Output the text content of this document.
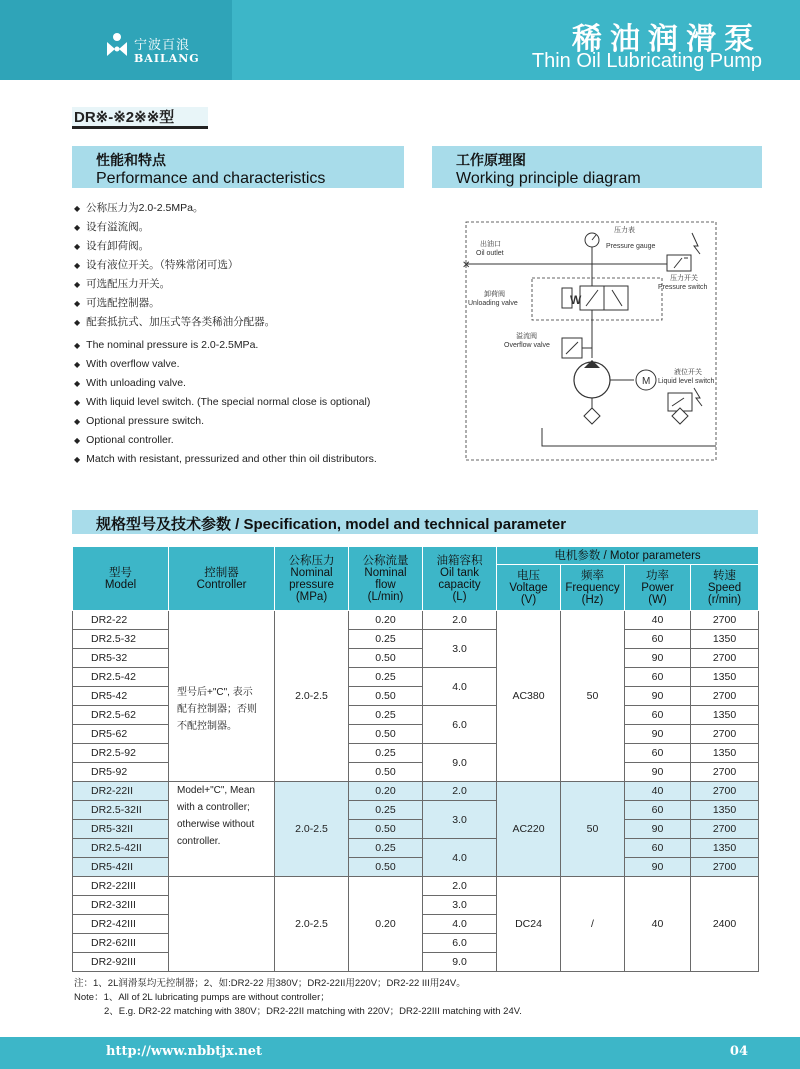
宁波百浪
BAILANG
稀油润滑泵
Thin Oil Lubricating Pump
DR※-※2※※型
性能和特点
Performance and characteristics
工作原理图
Working principle diagram
◆ 公称压力为2.0-2.5MPa。
◆ 设有溢流阀。
◆ 设有卸荷阀。
◆ 设有液位开关。（特殊常闭可选）
◆ 可选配压力开关。
◆ 可选配控制器。
◆ 配套抵抗式、加压式等各类稀油分配器。
◆ The nominal pressure is 2.0-2.5MPa.
◆ With overflow valve.
◆ With unloading valve.
◆ With liquid level switch. (The special normal close is optional)
◆ Optional pressure switch.
◆ Optional controller.
◆ Match with resistant, pressurized and other thin oil distributors.
✕
W
M
出油口
Oil outlet
压力表
Pressure gauge
压力开关
Pressure switch
卸荷阀
Unloading valve
溢流阀
Overflow valve
液位开关
Liquid level switch
规格型号及技术参数 / Specification, model and technical parameter
型号
Model	控制器
Controller	公称压力
Nominal
pressure
(MPa)	公称流量
Nominal
flow
(L/min)	油箱容积
Oil tank
capacity
(L)	电机参数 / Motor parameters			
					电压
Voltage
(V)	频率
Frequency
(Hz)	功率
Power
(W)	转速
Speed
(r/min)
DR2-22	型号后+"C", 表示
配有控制器；否则
不配控制器。	2.0-2.5	0.20	2.0	AC380	50	40	2700
DR2.5-32			0.25	3.0			60	1350
DR5-32			0.50				90	2700
DR2.5-42			0.25	4.0			60	1350
DR5-42			0.50				90	2700
DR2.5-62			0.25	6.0			60	1350
DR5-62			0.50				90	2700
DR2.5-92			0.25	9.0			60	1350
DR5-92			0.50				90	2700
DR2-22II	Model+"C", Mean
with a controller;
otherwise without
controller.	2.0-2.5	0.20	2.0	AC220	50	40	2700
DR2.5-32II			0.25	3.0			60	1350
DR5-32II			0.50				90	2700
DR2.5-42II			0.25	4.0			60	1350
DR5-42II			0.50				90	2700
DR2-22III		2.0-2.5	0.20	2.0	DC24	/	40	2400
DR2-32III				3.0				
DR2-42III				4.0				
DR2-62III				6.0				
DR2-92III				9.0				
注：1、2L润滑泵均无控制器；2、如:DR2-22 用380V；DR2-22II用220V；DR2-22 III用24V。
Note：1、All of 2L lubricating pumps are without controller；
2、E.g. DR2-22 matching with 380V；DR2-22II matching with 220V；DR2-22III matching with 24V.
http://www.nbbtjx.net	04
